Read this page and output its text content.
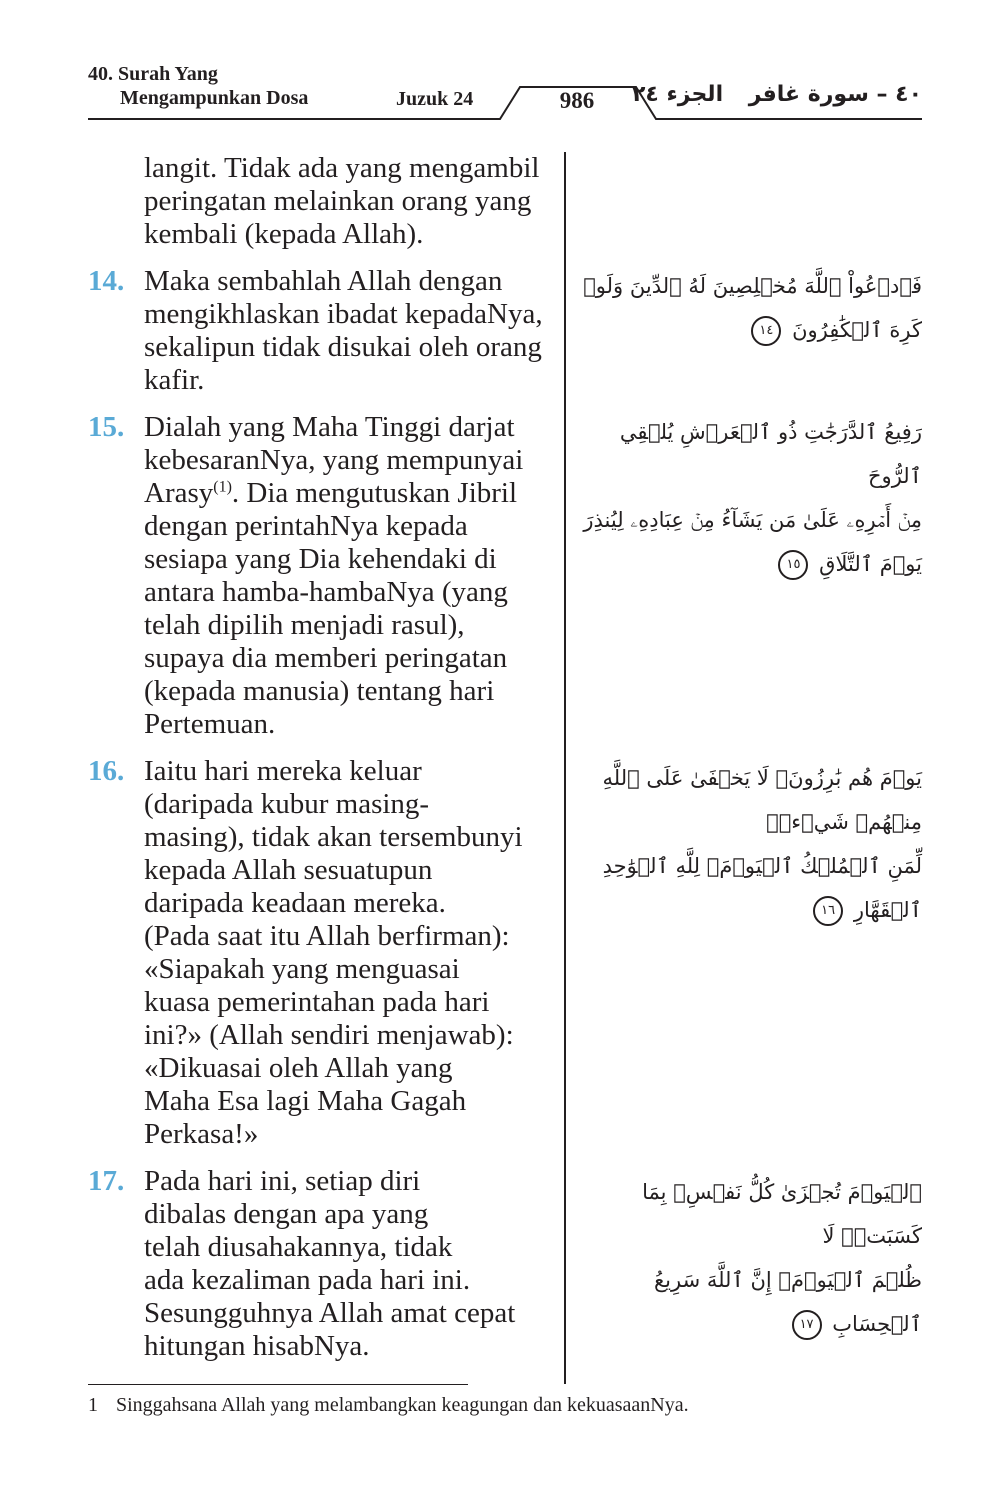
40. Surah Yang
Mengampunkan Dosa	Juzuk 24	986	الجزء ٢٤ ٤٠ – سورة غافر
langit. Tidak ada yang mengambil
peringatan melainkan orang yang
kembali (kepada Allah).
14. Maka sembahlah Allah dengan
mengikhlaskan ibadat kepadaNya,
sekalipun tidak disukai oleh orang
kafir.
15. Dialah yang Maha Tinggi darjat
kebesaranNya, yang mempunyai
Arasy$^{(1)}$. Dia mengutuskan Jibril
dengan perintahNya kepada
sesiapa yang Dia kehendaki di
antara hamba-hambaNya (yang
telah dipilih menjadi rasul),
supaya dia memberi peringatan
(kepada manusia) tentang hari
Pertemuan.
16. Iaitu hari mereka keluar
(daripada kubur masing-
masing), tidak akan tersembunyi
kepada Allah sesuatupun
daripada keadaan mereka.
(Pada saat itu Allah berfirman):
«Siapakah yang menguasai
kuasa pemerintahan pada hari
ini?» (Allah sendiri menjawab):
«Dikuasai oleh Allah yang
Maha Esa lagi Maha Gagah
Perkasa!»
17. Pada hari ini, setiap diri
dibalas dengan apa yang
telah diusahakannya, tidak
ada kezaliman pada hari ini.
Sesungguhnya Allah amat cepat
hitungan hisabNya.
فَٱدۡعُواْ ٱللَّهَ مُخۡلِصِينَ لَهُ ٱلدِّينَ وَلَوۡ
كَرِهَ ٱلۡكَٰفِرُونَ ١٤
رَفِيعُ ٱلدَّرَجَٰتِ ذُو ٱلۡعَرۡشِ يُلۡقِي ٱلرُّوحَ
مِنۡ أَمۡرِهِۦ عَلَىٰ مَن يَشَآءُ مِنۡ عِبَادِهِۦ لِيُنذِرَ
يَوۡمَ ٱلتَّلَاقِ ١٥
يَوۡمَ هُم بَٰرِزُونَۖ لَا يَخۡفَىٰ عَلَى ٱللَّهِ مِنۡهُمۡ شَيۡءٞۚ
لِّمَنِ ٱلۡمُلۡكُ ٱلۡيَوۡمَۖ لِلَّهِ ٱلۡوَٰحِدِ ٱلۡقَهَّارِ ١٦
ٱلۡيَوۡمَ تُجۡزَىٰ كُلُّ نَفۡسِۭ بِمَا كَسَبَتۡۚ لَا
ظُلۡمَ ٱلۡيَوۡمَۚ إِنَّ ٱللَّهَ سَرِيعُ ٱلۡحِسَابِ ١٧
1 Singgahsana Allah yang melambangkan keagungan dan kekuasaanNya.
